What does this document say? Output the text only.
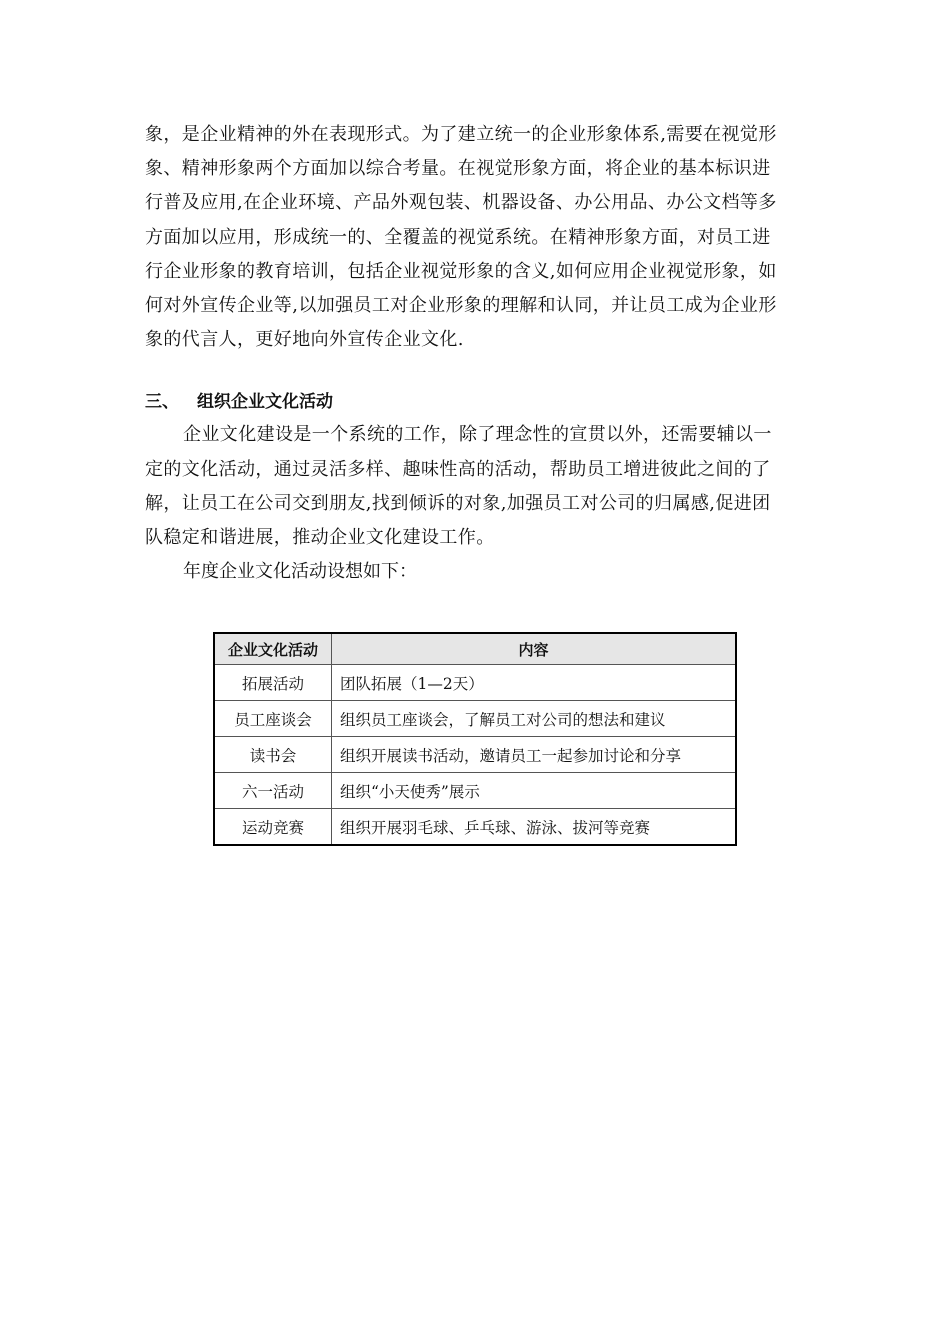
象，是企业精神的外在表现形式。为了建立统一的企业形象体系,需要在视觉形
象、精神形象两个方面加以综合考量。在视觉形象方面，将企业的基本标识进
行普及应用,在企业环境、产品外观包装、机器设备、办公用品、办公文档等多
方面加以应用，形成统一的、全覆盖的视觉系统。在精神形象方面，对员工进
行企业形象的教育培训，包括企业视觉形象的含义,如何应用企业视觉形象，如
何对外宣传企业等,以加强员工对企业形象的理解和认同，并让员工成为企业形
象的代言人，更好地向外宣传企业文化.

三、 组织企业文化活动

企业文化建设是一个系统的工作，除了理念性的宣贯以外，还需要辅以一
定的文化活动，通过灵活多样、趣味性高的活动，帮助员工增进彼此之间的了
解，让员工在公司交到朋友,找到倾诉的对象,加强员工对公司的归属感,促进团
队稳定和谐进展，推动企业文化建设工作。

年度企业文化活动设想如下：

企业文化活动	内容
拓展活动	团队拓展（1—2天）
员工座谈会	组织员工座谈会，了解员工对公司的想法和建议
读书会	组织开展读书活动，邀请员工一起参加讨论和分享
六一活动	组织“小天使秀”展示
运动竞赛	组织开展羽毛球、乒乓球、游泳、拔河等竞赛
